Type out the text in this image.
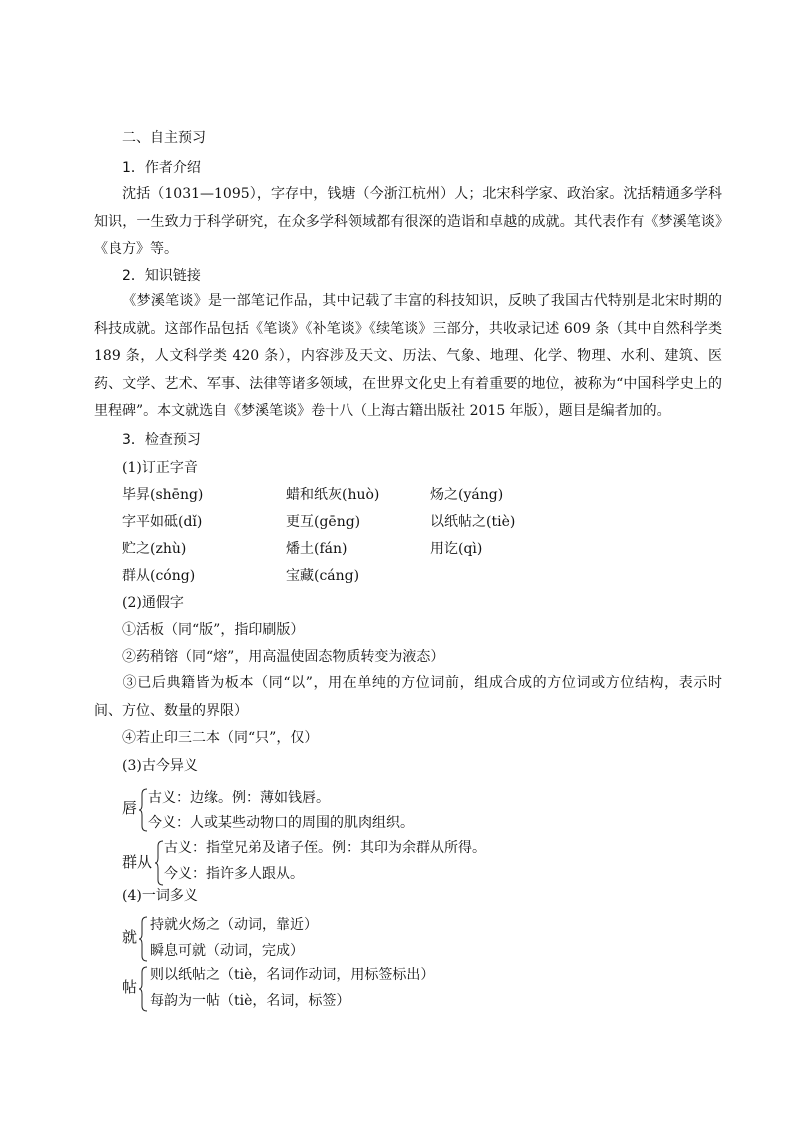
二、自主预习
1．作者介绍

沈括（1031—1095），字存中，钱塘（今浙江杭州）人；北宋科学家、政治家。沈括精通多学科知识，一生致力于科学研究，在众多学科领域都有很深的造诣和卓越的成就。其代表作有《梦溪笔谈》《良方》等。

2．知识链接

《梦溪笔谈》是一部笔记作品，其中记载了丰富的科技知识，反映了我国古代特别是北宋时期的科技成就。这部作品包括《笔谈》《补笔谈》《续笔谈》三部分，共收录记述 609 条（其中自然科学类 189 条，人文科学类 420 条），内容涉及天文、历法、气象、地理、化学、物理、水利、建筑、医药、文学、艺术、军事、法律等诸多领域，在世界文化史上有着重要的地位，被称为“中国科学史上的里程碑”。本文就选自《梦溪笔谈》卷十八（上海古籍出版社 2015 年版），题目是编者加的。

3．检查预习
(1)订正字音
毕昇(shēng)	蜡和纸灰(huò)	炀之(yáng)
字平如砥(dǐ)	更互(gēng)	以纸帖之(tiè)
贮之(zhù)	燔土(fán)	用讫(qì)
群从(cóng)	宝藏(cáng)
(2)通假字
①活板（同“版”，指印刷版）
②药稍镕（同“熔”，用高温使固态物质转变为液态）

③已后典籍皆为板本（同“以”，用在单纯的方位词前，组成合成的方位词或方位结构，表示时间、方位、数量的界限）

④若止印三二本（同“只”，仅）
(3)古今异义
唇
古义：边缘。例：薄如钱唇。
今义：人或某些动物口的周围的肌肉组织。
群从
古义：指堂兄弟及诸子侄。例：其印为余群从所得。
今义：指许多人跟从。
(4)一词多义
就
持就火炀之（动词，靠近）
瞬息可就（动词，完成）
帖
则以纸帖之（tiè，名词作动词，用标签标出）
每韵为一帖（tiè，名词，标签）
